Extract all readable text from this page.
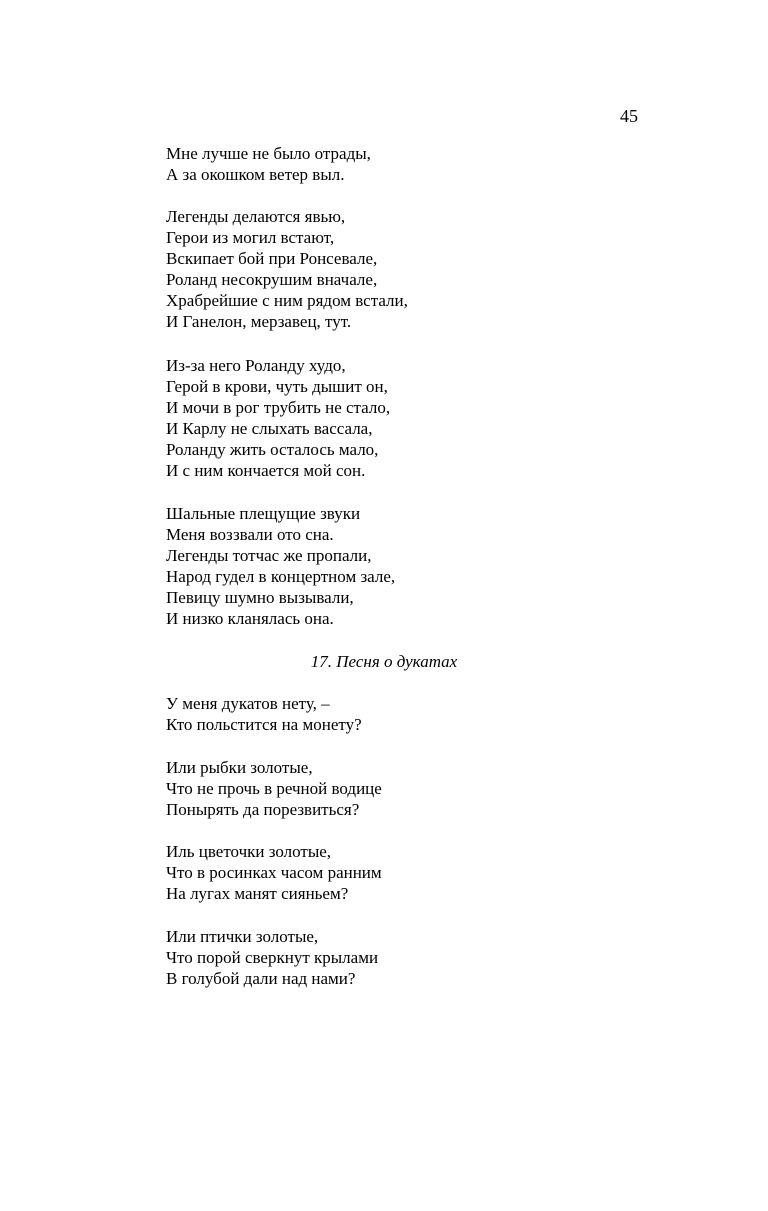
45
Мне лучше не было отрады,
А за окошком ветер выл.
Легенды делаются явью,
Герои из могил встают,
Вскипает бой при Ронсевале,
Роланд несокрушим вначале,
Храбрейшие с ним рядом встали,
И Ганелон, мерзавец, тут.
Из-за него Роланду худо,
Герой в крови, чуть дышит он,
И мочи в рог трубить не стало,
И Карлу не слыхать вассала,
Роланду жить осталось мало,
И с ним кончается мой сон.
Шальные плещущие звуки
Меня воззвали ото сна.
Легенды тотчас же пропали,
Народ гудел в концертном зале,
Певицу шумно вызывали,
И низко кланялась она.
17. Песня о дукатах
У меня дукатов нету, –
Кто польстится на монету?
Или рыбки золотые,
Что не прочь в речной водице
Понырять да порезвиться?
Иль цветочки золотые,
Что в росинках часом ранним
На лугах манят сияньем?
Или птички золотые,
Что порой сверкнут крылами
В голубой дали над нами?
